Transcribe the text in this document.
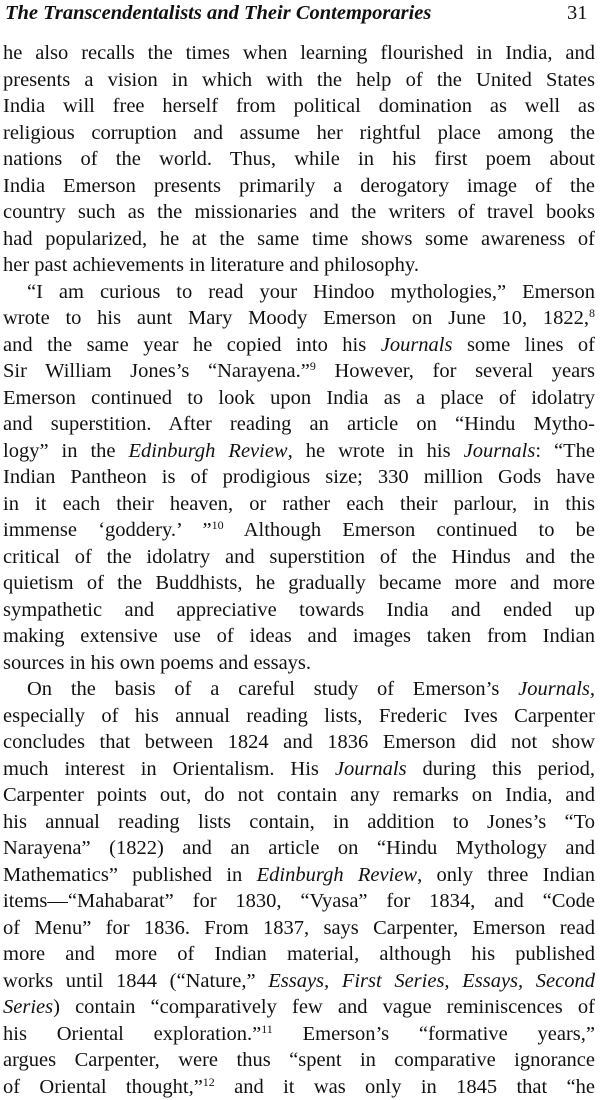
The Transcendentalists and Their Contemporaries	31
he also recalls the times when learning flourished in India, and
presents a vision in which with the help of the United States
India will free herself from political domination as well as
religious corruption and assume her rightful place among the
nations of the world. Thus, while in his first poem about
India Emerson presents primarily a derogatory image of the
country such as the missionaries and the writers of travel books
had popularized, he at the same time shows some awareness of
her past achievements in literature and philosophy.
“I am curious to read your Hindoo mythologies,” Emerson
wrote to his aunt Mary Moody Emerson on June 10, 1822,$^8$
and the same year he copied into his Journals some lines of
Sir William Jones’s “Narayena.”$^9$ However, for several years
Emerson continued to look upon India as a place of idolatry
and superstition. After reading an article on “Hindu Mytho-
logy” in the Edinburgh Review, he wrote in his Journals: “The
Indian Pantheon is of prodigious size; 330 million Gods have
in it each their heaven, or rather each their parlour, in this
immense ‘goddery.’ ”$^{10}$ Although Emerson continued to be
critical of the idolatry and superstition of the Hindus and the
quietism of the Buddhists, he gradually became more and more
sympathetic and appreciative towards India and ended up
making extensive use of ideas and images taken from Indian
sources in his own poems and essays.
On the basis of a careful study of Emerson’s Journals,
especially of his annual reading lists, Frederic Ives Carpenter
concludes that between 1824 and 1836 Emerson did not show
much interest in Orientalism. His Journals during this period,
Carpenter points out, do not contain any remarks on India, and
his annual reading lists contain, in addition to Jones’s “To
Narayena” (1822) and an article on “Hindu Mythology and
Mathematics” published in Edinburgh Review, only three Indian
items—“Mahabarat” for 1830, “Vyasa” for 1834, and “Code
of Menu” for 1836. From 1837, says Carpenter, Emerson read
more and more of Indian material, although his published
works until 1844 (“Nature,” Essays, First Series, Essays, Second
Series) contain “comparatively few and vague reminiscences of
his Oriental exploration.”$^{11}$ Emerson’s “formative years,”
argues Carpenter, were thus “spent in comparative ignorance
of Oriental thought,”$^{12}$ and it was only in 1845 that “he
